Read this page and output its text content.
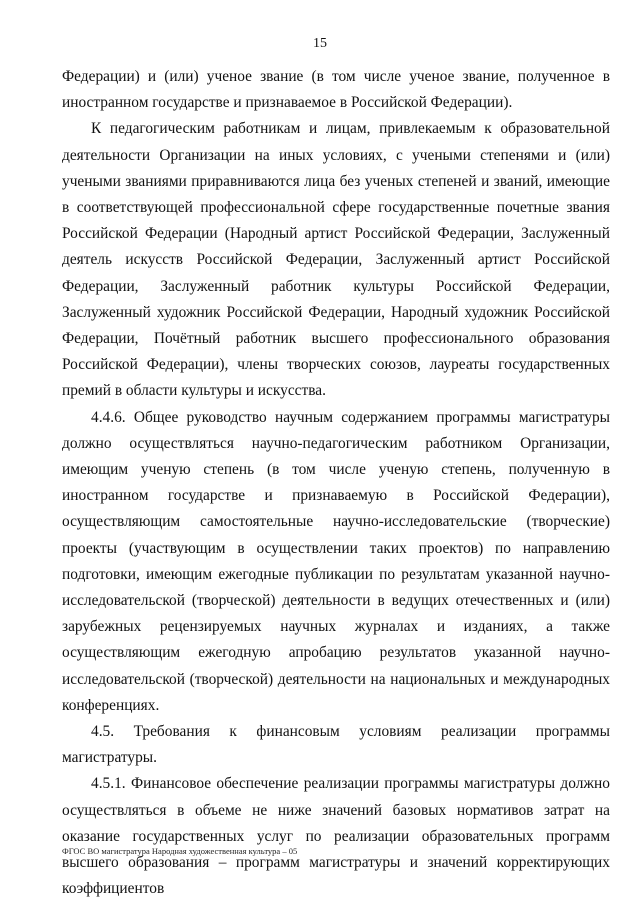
15

Федерации) и (или) ученое звание (в том числе ученое звание, полученное в иностранном государстве и признаваемое в Российской Федерации).

К педагогическим работникам и лицам, привлекаемым к образовательной деятельности Организации на иных условиях, с учеными степенями и (или) учеными званиями приравниваются лица без ученых степеней и званий, имеющие в соответствующей профессиональной сфере государственные почетные звания Российской Федерации (Народный артист Российской Федерации, Заслуженный деятель искусств Российской Федерации, Заслуженный артист Российской Федерации, Заслуженный работник культуры Российской Федерации, Заслуженный художник Российской Федерации, Народный художник Российской Федерации, Почётный работник высшего профессионального образования Российской Федерации), члены творческих союзов, лауреаты государственных премий в области культуры и искусства.

4.4.6. Общее руководство научным содержанием программы магистратуры должно осуществляться научно-педагогическим работником Организации, имеющим ученую степень (в том числе ученую степень, полученную в иностранном государстве и признаваемую в Российской Федерации), осуществляющим самостоятельные научно-исследовательские (творческие) проекты (участвующим в осуществлении таких проектов) по направлению подготовки, имеющим ежегодные публикации по результатам указанной научно-исследовательской (творческой) деятельности в ведущих отечественных и (или) зарубежных рецензируемых научных журналах и изданиях, а также осуществляющим ежегодную апробацию результатов указанной научно-исследовательской (творческой) деятельности на национальных и международных конференциях.

4.5. Требования к финансовым условиям реализации программы магистратуры.

4.5.1. Финансовое обеспечение реализации программы магистратуры должно осуществляться в объеме не ниже значений базовых нормативов затрат на оказание государственных услуг по реализации образовательных программ высшего образования – программ магистратуры и значений корректирующих коэффициентов

ФГОС ВО магистратура Народная художественная культура – 05
